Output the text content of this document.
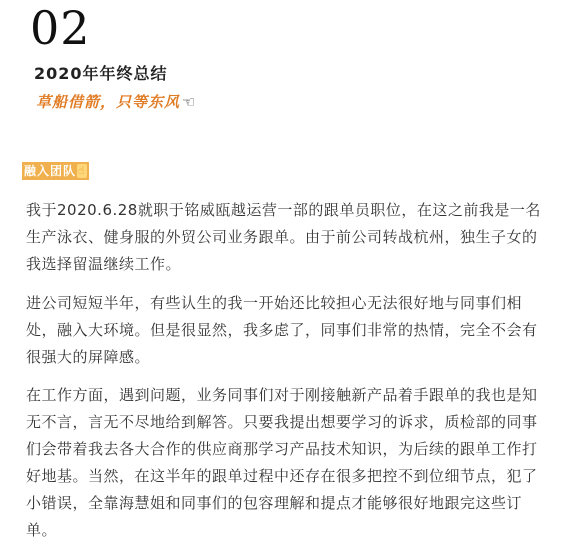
02
2020年年终总结
草船借箭，只等东风 ☜
融入团队 ☝

我于2020.6.28就职于铭威瓯越运营一部的跟单员职位，在这之前我是一名生产泳衣、健身服的外贸公司业务跟单。由于前公司转战杭州，独生子女的我选择留温继续工作。

进公司短短半年，有些认生的我一开始还比较担心无法很好地与同事们相处，融入大环境。但是很显然，我多虑了，同事们非常的热情，完全不会有很强大的屏障感。

在工作方面，遇到问题，业务同事们对于刚接触新产品着手跟单的我也是知无不言，言无不尽地给到解答。只要我提出想要学习的诉求，质检部的同事们会带着我去各大合作的供应商那学习产品技术知识，为后续的跟单工作打好地基。当然，在这半年的跟单过程中还存在很多把控不到位细节点，犯了小错误，全靠海慧姐和同事们的包容理解和提点才能够很好地跟完这些订单。
